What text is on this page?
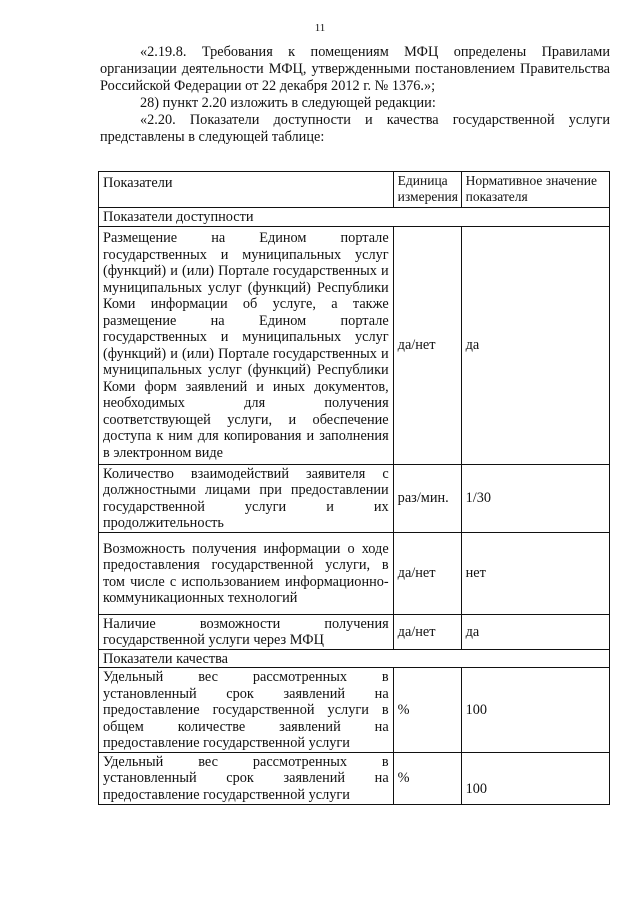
11

«2.19.8. Требования к помещениям МФЦ определены Правилами организации деятельности МФЦ, утвержденными постановлением Правительства Российской Федерации от 22 декабря 2012 г. № 1376.»;

28) пункт 2.20 изложить в следующей редакции:

«2.20. Показатели доступности и качества государственной услуги представлены в следующей таблице:

Показатели	Единица измерения	Нормативное значение показателя
Показатели доступности		
Размещение на Едином портале государственных и муниципальных услуг (функций) и (или) Портале государственных и муниципальных услуг (функций) Республики Коми информации об услуге, а также размещение на Едином портале государственных и муниципальных услуг (функций) и (или) Портале государственных и муниципальных услуг (функций) Республики Коми форм заявлений и иных документов, необходимых для получения соответствующей услуги, и обеспечение доступа к ним для копирования и заполнения в электронном виде	да/нет	да
Количество взаимодействий заявителя с должностными лицами при предоставлении государственной услуги и их продолжительность	раз/мин.	1/30
Возможность получения информации о ходе предоставления государственной услуги, в том числе с использованием информационно-коммуникационных технологий	да/нет	нет
Наличие возможности получения государственной услуги через МФЦ	да/нет	да
Показатели качества		
Удельный вес рассмотренных в установленный срок заявлений на предоставление государственной услуги в общем количестве заявлений на предоставление государственной услуги	%	100
Удельный вес рассмотренных в установленный срок заявлений на предоставление государственной услуги	%	100
